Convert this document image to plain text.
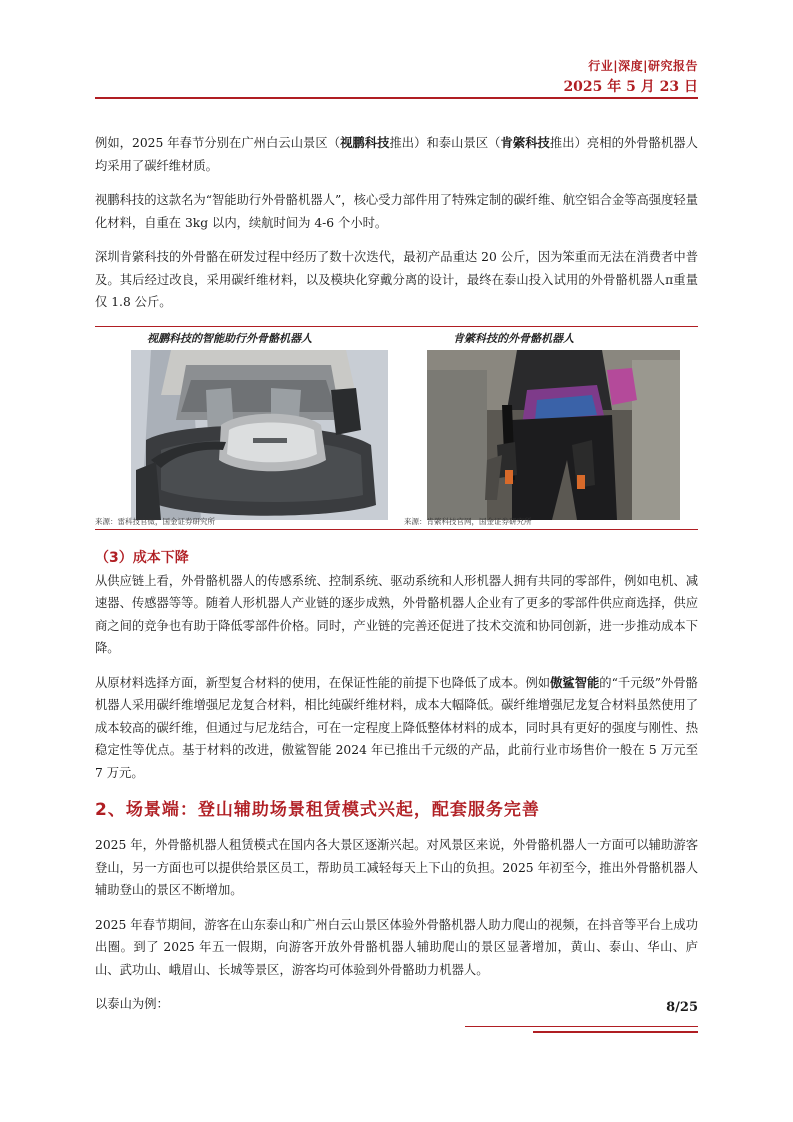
行业|深度|研究报告
2025 年 5 月 23 日

例如，2025 年春节分别在广州白云山景区（视鹏科技推出）和泰山景区（肯綮科技推出）亮相的外骨骼机器人均采用了碳纤维材质。

视鹏科技的这款名为“智能助行外骨骼机器人”，核心受力部件用了特殊定制的碳纤维、航空铝合金等高强度轻量化材料，自重在 3kg 以内，续航时间为 4-6 个小时。

深圳肯綮科技的外骨骼在研发过程中经历了数十次迭代，最初产品重达 20 公斤，因为笨重而无法在消费者中普及。其后经过改良，采用碳纤维材料，以及模块化穿戴分离的设计，最终在泰山投入试用的外骨骼机器人π重量仅 1.8 公斤。

视鹏科技的智能助行外骨骼机器人	肯綮科技的外骨骼机器人
来源：雷科技官微，国金证券研究所	来源：肯綮科技官网，国金证券研究所
（3）成本下降

从供应链上看，外骨骼机器人的传感系统、控制系统、驱动系统和人形机器人拥有共同的零部件，例如电机、减速器、传感器等等。随着人形机器人产业链的逐步成熟，外骨骼机器人企业有了更多的零部件供应商选择，供应商之间的竞争也有助于降低零部件价格。同时，产业链的完善还促进了技术交流和协同创新，进一步推动成本下降。

从原材料选择方面，新型复合材料的使用，在保证性能的前提下也降低了成本。例如傲鲨智能的“千元级”外骨骼机器人采用碳纤维增强尼龙复合材料，相比纯碳纤维材料，成本大幅降低。碳纤维增强尼龙复合材料虽然使用了成本较高的碳纤维，但通过与尼龙结合，可在一定程度上降低整体材料的成本，同时具有更好的强度与刚性、热稳定性等优点。基于材料的改进，傲鲨智能 2024 年已推出千元级的产品，此前行业市场售价一般在 5 万元至 7 万元。

2、场景端：登山辅助场景租赁模式兴起，配套服务完善

2025 年，外骨骼机器人租赁模式在国内各大景区逐渐兴起。对风景区来说，外骨骼机器人一方面可以辅助游客登山，另一方面也可以提供给景区员工，帮助员工减轻每天上下山的负担。2025 年初至今，推出外骨骼机器人辅助登山的景区不断增加。

2025 年春节期间，游客在山东泰山和广州白云山景区体验外骨骼机器人助力爬山的视频，在抖音等平台上成功出圈。到了 2025 年五一假期，向游客开放外骨骼机器人辅助爬山的景区显著增加，黄山、泰山、华山、庐山、武功山、峨眉山、长城等景区，游客均可体验到外骨骼助力机器人。

以泰山为例：	8/25
